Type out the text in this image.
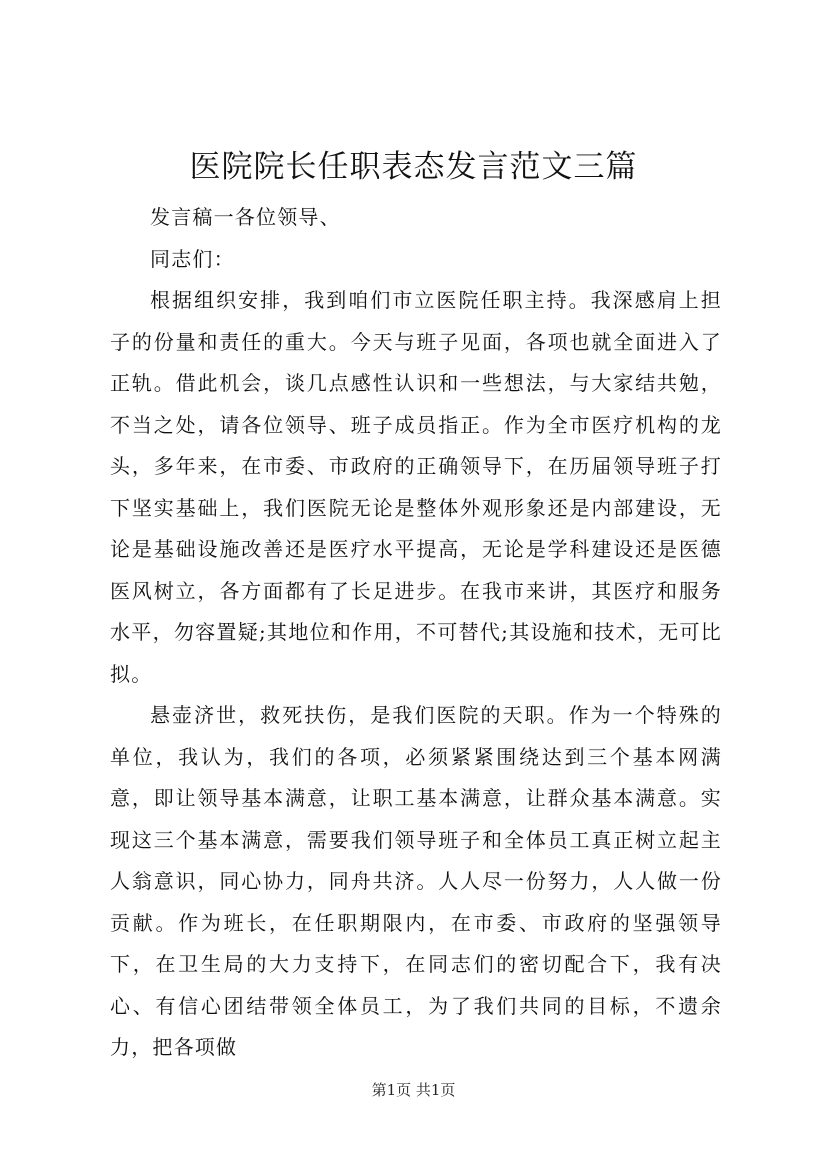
医院院长任职表态发言范文三篇

发言稿一各位领导、

同志们：

根据组织安排，我到咱们市立医院任职主持。我深感肩上担子的份量和责任的重大。今天与班子见面，各项也就全面进入了正轨。借此机会，谈几点感性认识和一些想法，与大家结共勉，不当之处，请各位领导、班子成员指正。作为全市医疗机构的龙头，多年来，在市委、市政府的正确领导下，在历届领导班子打下坚实基础上，我们医院无论是整体外观形象还是内部建设，无论是基础设施改善还是医疗水平提高，无论是学科建设还是医德医风树立，各方面都有了长足进步。在我市来讲，其医疗和服务水平，勿容置疑;其地位和作用，不可替代;其设施和技术，无可比拟。

悬壶济世，救死扶伤，是我们医院的天职。作为一个特殊的单位，我认为，我们的各项，必须紧紧围绕达到三个基本网满意，即让领导基本满意，让职工基本满意，让群众基本满意。实现这三个基本满意，需要我们领导班子和全体员工真正树立起主人翁意识，同心协力，同舟共济。人人尽一份努力，人人做一份贡献。作为班长，在任职期限内，在市委、市政府的坚强领导下，在卫生局的大力支持下，在同志们的密切配合下，我有决心、有信心团结带领全体员工，为了我们共同的目标，不遗余力，把各项做

第1页 共1页
